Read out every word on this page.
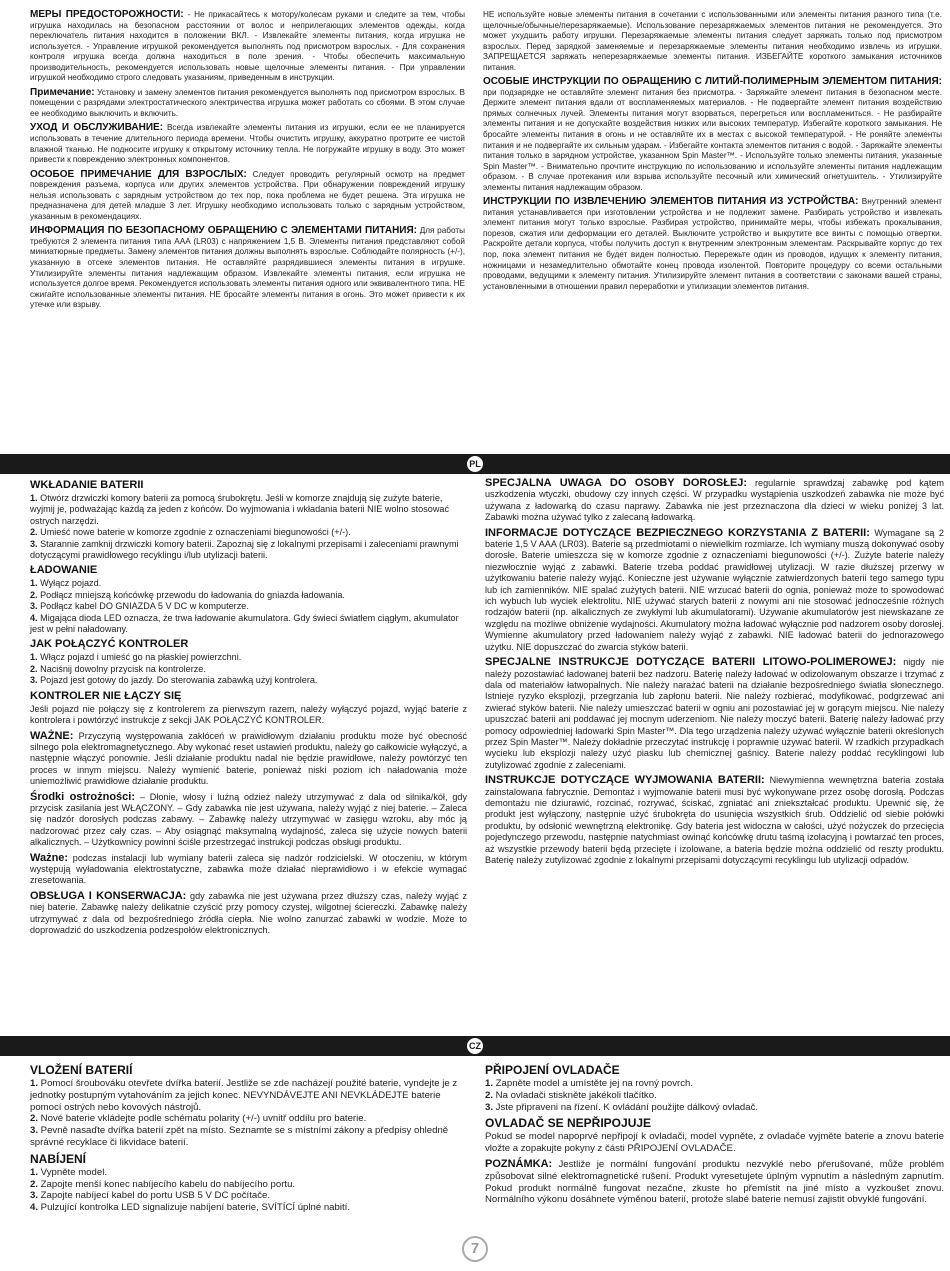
МЕРЫ ПРЕДОСТОРОЖНОСТИ: - Не прикасайтесь к мотору/колесам руками и следите за тем, чтобы игрушка находилась на безопасном расстоянии от волос и неприлегающих элементов одежды, когда переключатель питания находится в положении ВКЛ. - Извлекайте элементы питания, когда игрушка не используется. - Управление игрушкой рекомендуется выполнять под присмотром взрослых. - Для сохранения контроля игрушка всегда должна находиться в поле зрения. - Чтобы обеспечить максимальную производительность, рекомендуется использовать новые щелочные элементы питания. - При управлении игрушкой необходимо строго следовать указаниям, приведенным в инструкции.

Примечание: Установку и замену элементов питания рекомендуется выполнять под присмотром взрослых. В помещении с разрядами электростатического электричества игрушка может работать со сбоями. В этом случае ее необходимо выключить и включить.

УХОД И ОБСЛУЖИВАНИЕ: Всегда извлекайте элементы питания из игрушки, если ее не планируется использовать в течение длительного периода времени. Чтобы очистить игрушку, аккуратно протрите ее чистой влажной тканью. Не подносите игрушку к открытому источнику тепла. Не погружайте игрушку в воду. Это может привести к повреждению электронных компонентов.

ОСОБОЕ ПРИМЕЧАНИЕ ДЛЯ ВЗРОСЛЫХ: Следует проводить регулярный осмотр на предмет повреждения разъема, корпуса или других элементов устройства. При обнаружении повреждений игрушку нельзя использовать с зарядным устройством до тех пор, пока проблема не будет решена. Эта игрушка не предназначена для детей младше 3 лет. Игрушку необходимо использовать только с зарядным устройством, указанным в рекомендациях.

ИНФОРМАЦИЯ ПО БЕЗОПАСНОМУ ОБРАЩЕНИЮ С ЭЛЕМЕНТАМИ ПИТАНИЯ: Для работы требуются 2 элемента питания типа AAA (LR03) с напряжением 1,5 В. Элементы питания представляют собой миниатюрные предметы. Замену элементов питания должны выполнять взрослые. Соблюдайте полярность (+/-), указанную в отсеке элементов питания. Не оставляйте разрядившиеся элементы питания в игрушке. Утилизируйте элементы питания надлежащим образом. Извлекайте элементы питания, если игрушка не используется долгое время. Рекомендуется использовать элементы питания одного или эквивалентного типа. НЕ сжигайте использованные элементы питания. НЕ бросайте элементы питания в огонь. Это может привести к их утечке или взрыву.

НЕ используйте новые элементы питания в сочетании с использованными или элементы питания разного типа (т.е. щелочные/обычные/перезаряжаемые). Использование перезаряжаемых элементов питания не рекомендуется. Это может ухудшить работу игрушки. Перезаряжаемые элементы питания следует заряжать только под присмотром взрослых. Перед зарядкой заменяемые и перезаряжаемые элементы питания необходимо извлечь из игрушки. ЗАПРЕЩАЕТСЯ заряжать неперезаряжаемые элементы питания. ИЗБЕГАЙТЕ короткого замыкания источников питания.

ОСОБЫЕ ИНСТРУКЦИИ ПО ОБРАЩЕНИЮ С ЛИТИЙ-ПОЛИМЕРНЫМ ЭЛЕМЕНТОМ ПИТАНИЯ: при подзарядке не оставляйте элемент питания без присмотра. - Заряжайте элемент питания в безопасном месте. Держите элемент питания вдали от воспламеняемых материалов. - Не подвергайте элемент питания воздействию прямых солнечных лучей. Элементы питания могут взорваться, перегреться или воспламениться. - Не разбирайте элементы питания и не допускайте воздействия низких или высоких температур. Избегайте короткого замыкания. Не бросайте элементы питания в огонь и не оставляйте их в местах с высокой температурой. - Не роняйте элементы питания и не подвергайте их сильным ударам. - Избегайте контакта элементов питания с водой. - Заряжайте элементы питания только в зарядном устройстве, указанном Spin Master™. - Используйте только элементы питания, указанные Spin Master™. - Внимательно прочтите инструкцию по использованию и используйте элементы питания надлежащим образом. - В случае протекания или взрыва используйте песочный или химический огнетушитель. - Утилизируйте элементы питания надлежащим образом.

ИНСТРУКЦИИ ПО ИЗВЛЕЧЕНИЮ ЭЛЕМЕНТОВ ПИТАНИЯ ИЗ УСТРОЙСТВА: Внутренний элемент питания устанавливается при изготовлении устройства и не подлежит замене. Разбирать устройство и извлекать элемент питания могут только взрослые. Разбирая устройство, принимайте меры, чтобы избежать прокалывания, порезов, сжатия или деформации его деталей. Выключите устройство и выкрутите все винты с помощью отвертки. Раскройте детали корпуса, чтобы получить доступ к внутренним электронным элементам. Раскрывайте корпус до тех пор, пока элемент питания не будет виден полностью. Перережьте один из проводов, идущих к элементу питания, ножницами и незамедлительно обмотайте конец провода изолентой. Повторите процедуру со всеми остальными проводами, ведущими к элементу питания. Утилизируйте элемент питания в соответствии с законами вашей страны, установленными в отношении правил переработки и утилизации элементов питания.

PL
WKŁADANIE BATERII
1. Otwórz drzwiczki komory baterii za pomocą śrubokrętu. Jeśli w komorze znajdują się zużyte baterie, wyjmij je, podważając każdą za jeden z końców. Do wyjmowania i wkładania baterii NIE wolno stosować ostrych narzędzi.
2. Umieść nowe baterie w komorze zgodnie z oznaczeniami biegunowości (+/-).
3. Starannie zamknij drzwiczki komory baterii. Zapoznaj się z lokalnymi przepisami i zaleceniami prawnymi dotyczącymi prawidłowego recyklingu i/lub utylizacji baterii.
ŁADOWANIE
1. Wyłącz pojazd.
2. Podłącz mniejszą końcówkę przewodu do ładowania do gniazda ładowania.
3. Podłącz kabel DO GNIAZDA 5 V DC w komputerze.
4. Migająca dioda LED oznacza, że trwa ładowanie akumulatora. Gdy świeci światłem ciągłym, akumulator jest w pełni naładowany.
JAK POŁĄCZYĆ KONTROLER
1. Włącz pojazd i umieść go na płaskiej powierzchni.
2. Naciśnij dowolny przycisk na kontrolerze.
3. Pojazd jest gotowy do jazdy. Do sterowania zabawką użyj kontrolera.
KONTROLER NIE ŁĄCZY SIĘ

Jeśli pojazd nie połączy się z kontrolerem za pierwszym razem, należy wyłączyć pojazd, wyjąć baterie z kontrolera i powtórzyć instrukcje z sekcji JAK POŁĄCZYĆ KONTROLER.

WAŻNE: Przyczyną występowania zakłóceń w prawidłowym działaniu produktu może być obecność silnego pola elektromagnetycznego. Aby wykonać reset ustawień produktu, należy go całkowicie wyłączyć, a następnie włączyć ponownie. Jeśli działanie produktu nadal nie będzie prawidłowe, należy powtórzyć ten proces w innym miejscu. Należy wymienić baterie, ponieważ niski poziom ich naładowania może uniemożliwić prawidłowe działanie produktu.

Środki ostrożności: – Dłonie, włosy i luźną odzież należy utrzymywać z dala od silnika/kół, gdy przycisk zasilania jest WŁĄCZONY. – Gdy zabawka nie jest używana, należy wyjąć z niej baterie. – Zaleca się nadzór dorosłych podczas zabawy. – Zabawkę należy utrzymywać w zasięgu wzroku, aby móc ją nadzorować przez cały czas. – Aby osiągnąć maksymalną wydajność, zaleca się użycie nowych baterii alkalicznych. – Użytkownicy powinni ściśle przestrzegać instrukcji podczas obsługi produktu.

Ważne: podczas instalacji lub wymiany baterii zaleca się nadzór rodzicielski. W otoczeniu, w którym występują wyładowania elektrostatyczne, zabawka może działać nieprawidłowo i w efekcie wymagać zresetowania.

OBSŁUGA I KONSERWACJA: gdy zabawka nie jest używana przez dłuższy czas, należy wyjąć z niej baterie. Zabawkę należy delikatnie czyścić przy pomocy czystej, wilgotnej ściereczki. Zabawkę należy utrzymywać z dala od bezpośredniego źródła ciepła. Nie wolno zanurzać zabawki w wodzie. Może to doprowadzić do uszkodzenia podzespołów elektronicznych.

SPECJALNA UWAGA DO OSOBY DOROSŁEJ: regularnie sprawdzaj zabawkę pod kątem uszkodzenia wtyczki, obudowy czy innych części. W przypadku wystąpienia uszkodzeń zabawka nie może być używana z ładowarką do czasu naprawy. Zabawka nie jest przeznaczona dla dzieci w wieku poniżej 3 lat. Zabawki można używać tylko z zalecaną ładowarką.

INFORMACJE DOTYCZĄCE BEZPIECZNEGO KORZYSTANIA Z BATERII: Wymagane są 2 baterie 1,5 V AAA (LR03). Baterie są przedmiotami o niewielkim rozmiarze. Ich wymiany muszą dokonywać osoby dorosłe. Baterie umieszcza się w komorze zgodnie z oznaczeniami biegunowości (+/-). Zużyte baterie należy niezwłocznie wyjąć z zabawki. Baterie trzeba poddać prawidłowej utylizacji. W razie dłuższej przerwy w użytkowaniu baterie należy wyjąć. Konieczne jest używanie wyłącznie zatwierdzonych baterii tego samego typu lub ich zamienników. NIE spalać zużytych baterii. NIE wrzucać baterii do ognia, ponieważ może to spowodować ich wybuch lub wyciek elektrolitu. NIE używać starych baterii z nowymi ani nie stosować jednocześnie różnych rodzajów baterii (np. alkalicznych ze zwykłymi lub akumulatorami). Używanie akumulatorów jest niewskazane ze względu na możliwe obniżenie wydajności. Akumulatory można ładować wyłącznie pod nadzorem osoby dorosłej. Wymienne akumulatory przed ładowaniem należy wyjąć z zabawki. NIE ładować baterii do jednorazowego użytku. NIE dopuszczać do zwarcia styków baterii.

SPECJALNE INSTRUKCJE DOTYCZĄCE BATERII LITOWO-POLIMEROWEJ: nigdy nie należy pozostawiać ładowanej baterii bez nadzoru. Baterię należy ładować w odizolowanym obszarze i trzymać z dala od materiałów łatwopalnych. Nie należy narażać baterii na działanie bezpośredniego światła słonecznego. Istnieje ryzyko eksplozji, przegrzania lub zapłonu baterii. Nie należy rozbierać, modyfikować, podgrzewać ani zwierać styków baterii. Nie należy umieszczać baterii w ogniu ani pozostawiać jej w gorącym miejscu. Nie należy upuszczać baterii ani poddawać jej mocnym uderzeniom. Nie należy moczyć baterii. Baterię należy ładować przy pomocy odpowiedniej ładowarki Spin Master™. Dla tego urządzenia należy używać wyłącznie baterii określonych przez Spin Master™. Należy dokładnie przeczytać instrukcję i poprawnie używać baterii. W rzadkich przypadkach wycieku lub eksplozji należy użyć piasku lub chemicznej gaśnicy. Baterie należy poddać recyklingowi lub zutylizować zgodnie z zaleceniami.

INSTRUKCJE DOTYCZĄCE WYJMOWANIA BATERII: Niewymienna wewnętrzna bateria została zainstalowana fabrycznie. Demontaż i wyjmowanie baterii musi być wykonywane przez osobę dorosłą. Podczas demontażu nie dziurawić, rozcinać, rozrywać, ściskać, zgniatać ani zniekształcać produktu. Upewnić się, że produkt jest wyłączony, następnie użyć śrubokręta do usunięcia wszystkich śrub. Oddzielić od siebie połówki produktu, by odsłonić wewnętrzną elektronikę. Gdy bateria jest widoczna w całości, użyć nożyczek do przecięcia pojedynczego przewodu, następnie natychmiast owinąć końcówkę drutu taśmą izolacyjną i powtarzać ten proces, aż wszystkie przewody baterii będą przecięte i izolowane, a bateria będzie można oddzielić od reszty produktu. Baterię należy zutylizować zgodnie z lokalnymi przepisami dotyczącymi recyklingu lub utylizacji odpadów.

CZ
VLOŽENÍ BATERIÍ
1. Pomocí šroubováku otevřete dvířka baterií. Jestliže se zde nacházejí použité baterie, vyndejte je z jednotky postupným vytahováním za jejich konec. NEVYNDÁVEJTE ANI NEVKLÁDEJTE baterie pomocí ostrých nebo kovových nástrojů.
2. Nové baterie vkládejte podle schématu polarity (+/-) uvnitř oddílu pro baterie.
3. Pevně nasaďte dvířka baterií zpět na místo. Seznamte se s místními zákony a předpisy ohledně správné recyklace či likvidace baterií.
NABÍJENÍ
1. Vypněte model.
2. Zapojte menší konec nabíjecího kabelu do nabíjecího portu.
3. Zapojte nabíjecí kabel do portu USB 5 V DC počítače.
4. Pulzující kontrolka LED signalizuje nabíjení baterie, SVÍTÍCÍ úplné nabití.
PŘIPOJENÍ OVLADAČE
1. Zapněte model a umístěte jej na rovný povrch.
2. Na ovladači stiskněte jakékoli tlačítko.
3. Jste připraveni na řízení. K ovládání použijte dálkový ovladač.
OVLADAČ SE NEPŘIPOJUJE

Pokud se model napoprvé nepřipojí k ovladači, model vypněte, z ovladače vyjměte baterie a znovu baterie vložte a zopakujte pokyny z části PŘIPOJENÍ OVLADAČE.

POZNÁMKA: Jestliže je normální fungování produktu nezvyklé nebo přerušované, může problém způsobovat silné elektromagnetické rušení. Produkt vyresetujete úplným vypnutím a následným zapnutím. Pokud produkt normálně fungovat nezačne, zkuste ho přemístit na jiné místo a vyzkoušet znovu. Normálního výkonu dosáhnete výměnou baterií, protože slabé baterie nemusí zajistit obvyklé fungování.

7
